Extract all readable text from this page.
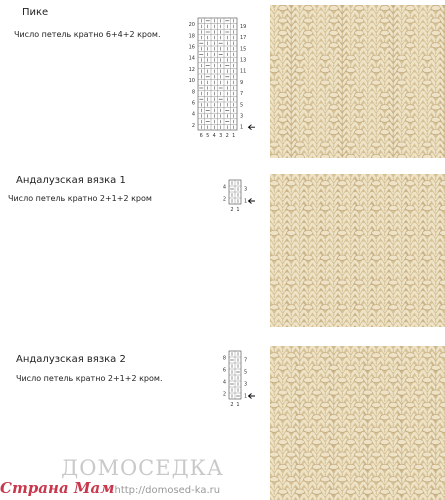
Пике
Число петель кратно 6+4+2 кром.
20
18
16
14
12
10
8
6
4
2
19
17
15
13
11
9
7
5
3
1
6 5 4 3 2 1
Андалузская вязка 1
Число петель кратно 2+1+2 кром
4
2
3
1
2 1
Андалузская вязка 2
Число петель кратно 2+1+2 кром.
8
6
4
2
7
5
3
1
2 1
ДОМОСЕДКА
Страна Мамhttp://domosed-ka.ru
